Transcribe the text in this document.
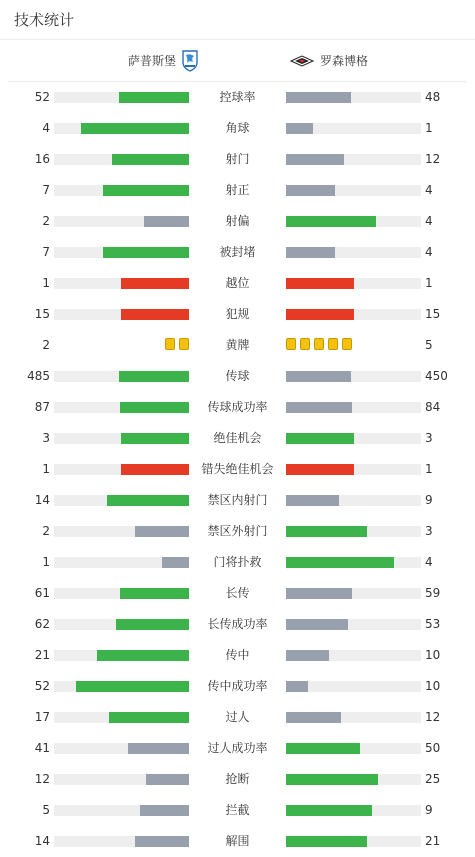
技术统计
萨普斯堡	罗森博格
52	控球率	48
4	角球	1
16	射门	12
7	射正	4
2	射偏	4
7	被封堵	4
1	越位	1
15	犯规	15
2	黄牌	5
485	传球	450
87	传球成功率	84
3	绝佳机会	3
1	错失绝佳机会	1
14	禁区内射门	9
2	禁区外射门	3
1	门将扑救	4
61	长传	59
62	长传成功率	53
21	传中	10
52	传中成功率	10
17	过人	12
41	过人成功率	50
12	抢断	25
5	拦截	9
14	解围	21
